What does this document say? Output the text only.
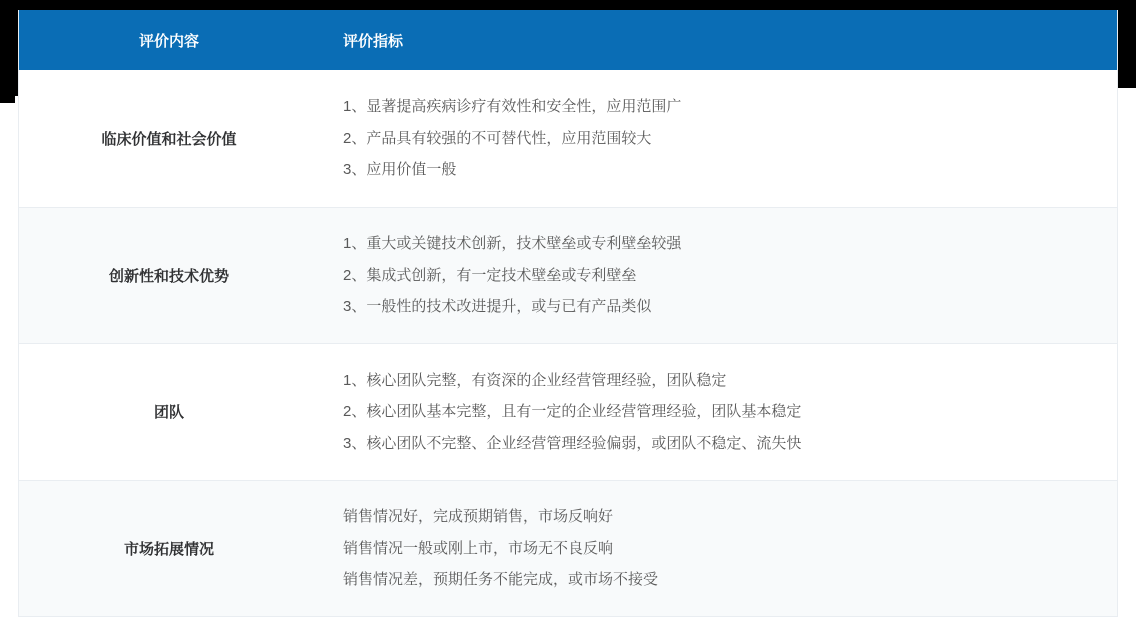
评价内容	评价指标
临床价值和社会价值
1、显著提高疾病诊疗有效性和安全性，应用范围广
2、产品具有较强的不可替代性，应用范围较大
3、应用价值一般
创新性和技术优势
1、重大或关键技术创新，技术壁垒或专利壁垒较强
2、集成式创新，有一定技术壁垒或专利壁垒
3、一般性的技术改进提升，或与已有产品类似
团队
1、核心团队完整，有资深的企业经营管理经验，团队稳定
2、核心团队基本完整，且有一定的企业经营管理经验，团队基本稳定
3、核心团队不完整、企业经营管理经验偏弱，或团队不稳定、流失快
市场拓展情况
销售情况好，完成预期销售，市场反响好
销售情况一般或刚上市，市场无不良反响
销售情况差，预期任务不能完成，或市场不接受
